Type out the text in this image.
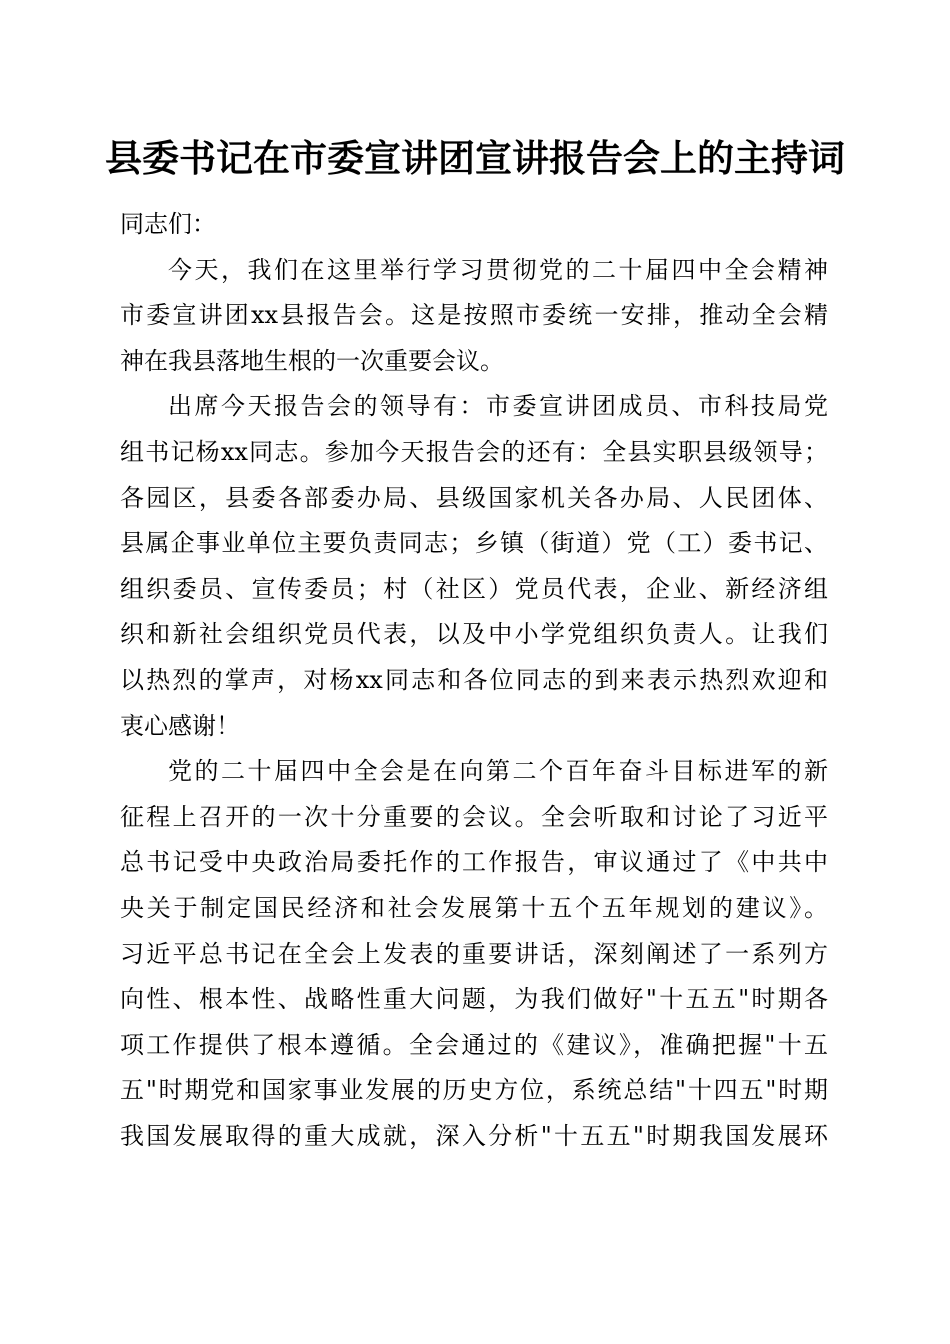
县委书记在市委宣讲团宣讲报告会上的主持词
同志们：
今天，我们在这里举行学习贯彻党的二十届四中全会精神
市委宣讲团xx县报告会。这是按照市委统一安排，推动全会精
神在我县落地生根的一次重要会议。
出席今天报告会的领导有：市委宣讲团成员、市科技局党
组书记杨xx同志。参加今天报告会的还有：全县实职县级领导；
各园区，县委各部委办局、县级国家机关各办局、人民团体、
县属企事业单位主要负责同志；乡镇（街道）党（工）委书记、
组织委员、宣传委员；村（社区）党员代表，企业、新经济组
织和新社会组织党员代表，以及中小学党组织负责人。让我们
以热烈的掌声，对杨xx同志和各位同志的到来表示热烈欢迎和
衷心感谢！
党的二十届四中全会是在向第二个百年奋斗目标进军的新
征程上召开的一次十分重要的会议。全会听取和讨论了习近平
总书记受中央政治局委托作的工作报告，审议通过了《中共中
央关于制定国民经济和社会发展第十五个五年规划的建议》。
习近平总书记在全会上发表的重要讲话，深刻阐述了一系列方
向性、根本性、战略性重大问题，为我们做好"十五五"时期各
项工作提供了根本遵循。全会通过的《建议》，准确把握"十五
五"时期党和国家事业发展的历史方位，系统总结"十四五"时期
我国发展取得的重大成就，深入分析"十五五"时期我国发展环
